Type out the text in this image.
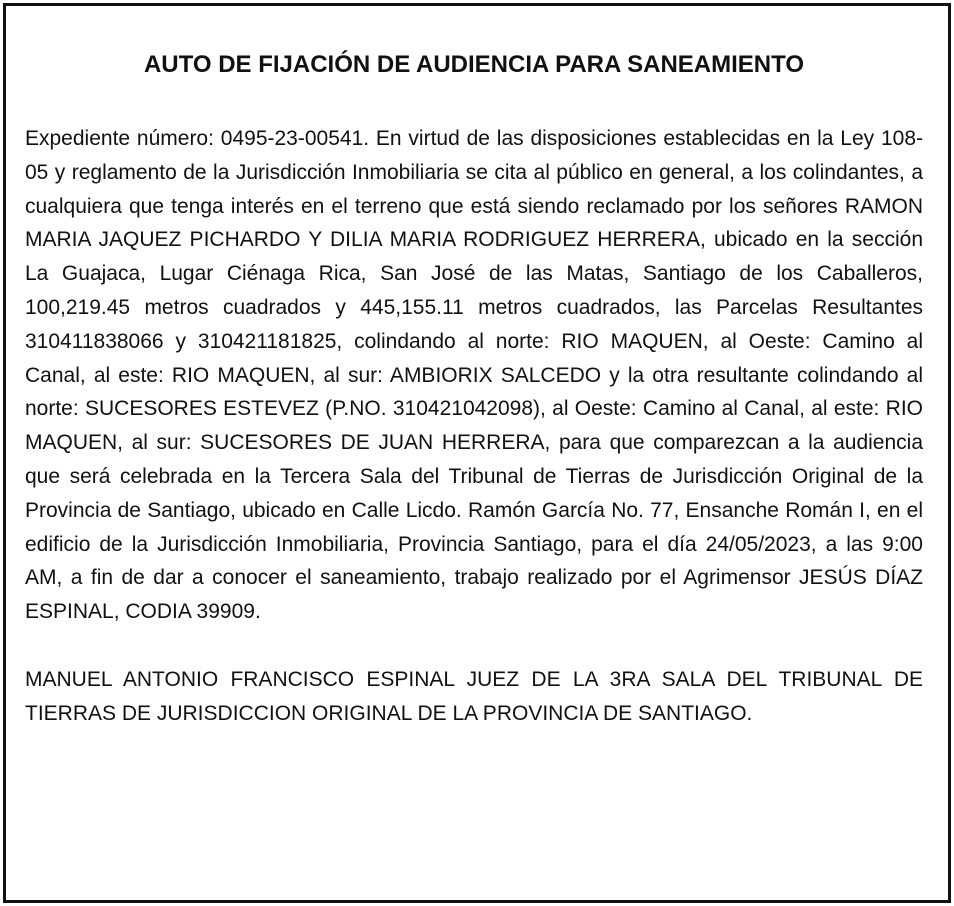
AUTO DE FIJACIÓN DE AUDIENCIA PARA SANEAMIENTO

Expediente número: 0495-23-00541. En virtud de las disposiciones establecidas en la Ley 108-05 y reglamento de la Jurisdicción Inmobiliaria se cita al público en general, a los colindantes, a cualquiera que tenga interés en el terreno que está siendo reclamado por los señores RAMON MARIA JAQUEZ PICHARDO Y DILIA MARIA RODRIGUEZ HERRERA, ubicado en la sección La Guajaca, Lugar Ciénaga Rica, San José de las Matas, Santiago de los Caballeros, 100,219.45 metros cuadrados y 445,155.11 metros cuadrados, las Parcelas Resultantes 310411838066 y 310421181825, colindando al norte: RIO MAQUEN, al Oeste: Camino al Canal, al este: RIO MAQUEN, al sur: AMBIORIX SALCEDO y la otra resultante colindando al norte: SUCESORES ESTEVEZ (P.NO. 310421042098), al Oeste: Camino al Canal, al este: RIO MAQUEN, al sur: SUCESORES DE JUAN HERRERA, para que comparezcan a la audiencia que será celebrada en la Tercera Sala del Tribunal de Tierras de Jurisdicción Original de la Provincia de Santiago, ubicado en Calle Licdo. Ramón García No. 77, Ensanche Román I, en el edificio de la Jurisdicción Inmobiliaria, Provincia Santiago, para el día 24/05/2023, a las 9:00 AM, a fin de dar a conocer el saneamiento, trabajo realizado por el Agrimensor JESÚS DÍAZ ESPINAL, CODIA 39909.

MANUEL ANTONIO FRANCISCO ESPINAL JUEZ DE LA 3RA SALA DEL TRIBUNAL DE TIERRAS DE JURISDICCION ORIGINAL DE LA PROVINCIA DE SANTIAGO.
